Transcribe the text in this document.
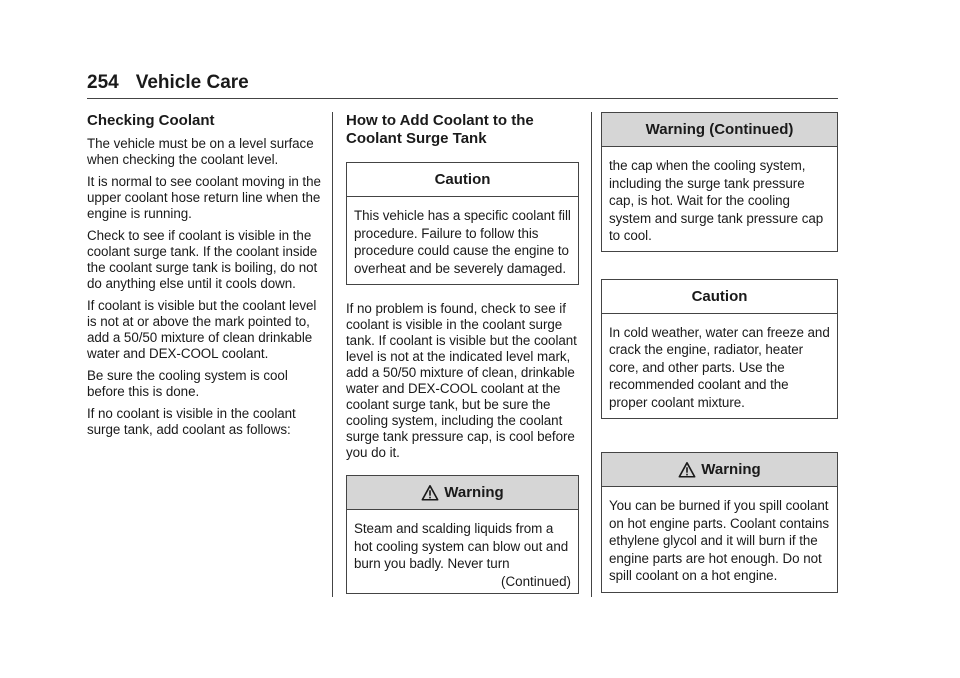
254 Vehicle Care
Checking Coolant

The vehicle must be on a level surface when checking the coolant level.

It is normal to see coolant moving in the upper coolant hose return line when the engine is running.

Check to see if coolant is visible in the coolant surge tank. If the coolant inside the coolant surge tank is boiling, do not do anything else until it cools down.

If coolant is visible but the coolant level is not at or above the mark pointed to, add a 50/50 mixture of clean drinkable water and DEX-COOL coolant.

Be sure the cooling system is cool before this is done.

If no coolant is visible in the coolant surge tank, add coolant as follows:

How to Add Coolant to the Coolant Surge Tank
Caution

This vehicle has a specific coolant fill procedure. Failure to follow this procedure could cause the engine to overheat and be severely damaged.

If no problem is found, check to see if coolant is visible in the coolant surge tank. If coolant is visible but the coolant level is not at the indicated level mark, add a 50/50 mixture of clean, drinkable water and DEX-COOL coolant at the coolant surge tank, but be sure the cooling system, including the coolant surge tank pressure cap, is cool before you do it.

Warning

Steam and scalding liquids from a hot cooling system can blow out and burn you badly. Never turn

(Continued)
Warning (Continued)

the cap when the cooling system, including the surge tank pressure cap, is hot. Wait for the cooling system and surge tank pressure cap to cool.

Caution

In cold weather, water can freeze and crack the engine, radiator, heater core, and other parts. Use the recommended coolant and the proper coolant mixture.

Warning

You can be burned if you spill coolant on hot engine parts. Coolant contains ethylene glycol and it will burn if the engine parts are hot enough. Do not spill coolant on a hot engine.
